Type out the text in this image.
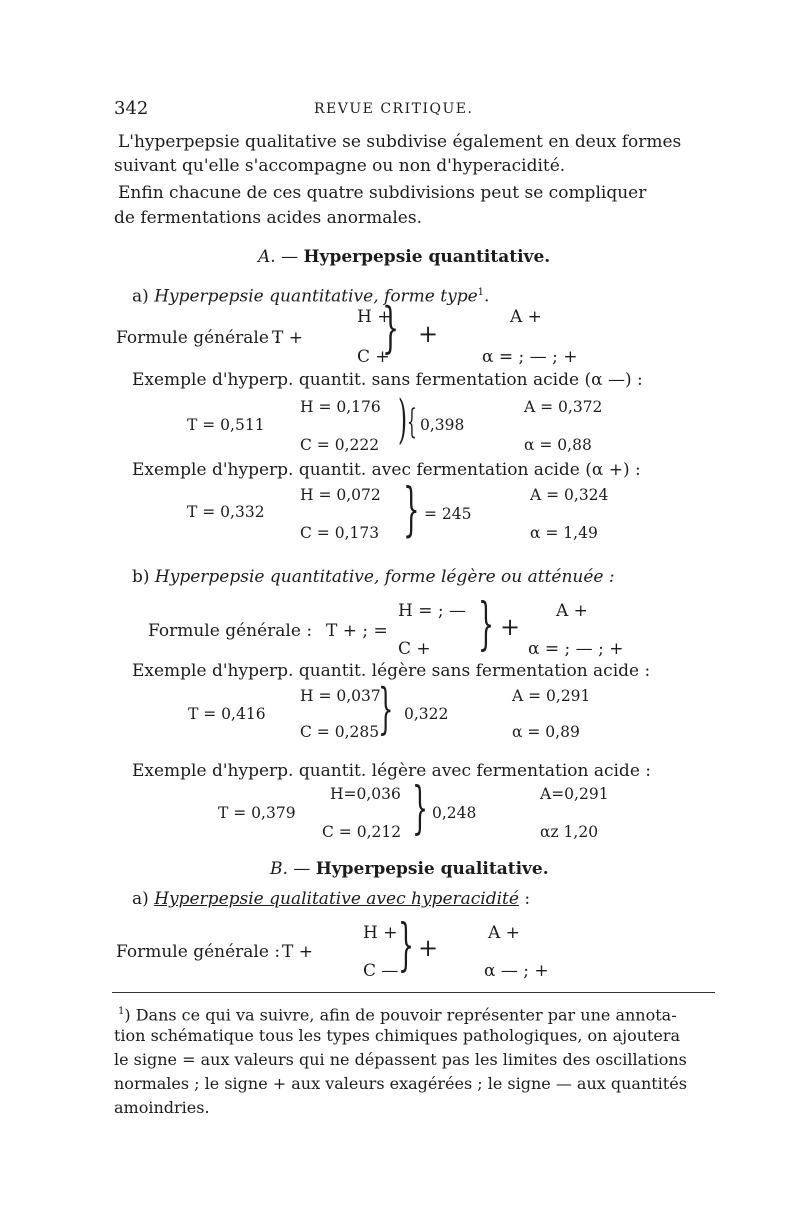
342	REVUE CRITIQUE.
L'hyperpepsie qualitative se subdivise également en deux formes
suivant qu'elle s'accompagne ou non d'hyperacidité.
Enfin chacune de ces quatre subdivisions peut se compliquer
de fermentations acides anormales.
A. — Hyperpepsie quantitative.
a) Hyperpepsie quantitative, forme type$^1$.
Formule générale :
T +
H +
C +
} +
A +
α = ; — ; +
Exemple d'hyperp. quantit. sans fermentation acide (α —) :
T = 0,511
H = 0,176
C = 0,222 ) { 0,398
A = 0,372
α = 0,88
Exemple d'hyperp. quantit. avec fermentation acide (α +) :
T = 0,332
H = 0,072
C = 0,173 } = 245
A = 0,324
α = 1,49
b) Hyperpepsie quantitative, forme légère ou atténuée :
Formule générale : T + ; =
H = ; —
C + } +
A +
α = ; — ; +
Exemple d'hyperp. quantit. légère sans fermentation acide :
T = 0,416
H = 0,037
C = 0,285
} 0,322
A = 0,291
α = 0,89
Exemple d'hyperp. quantit. légère avec fermentation acide :
T = 0,379
H=0,036
C = 0,212 } 0,248
A=0,291
αz 1,20
B. — Hyperpepsie qualitative.
a) Hyperpepsie qualitative avec hyperacidité :
Formule générale : T +
H +
C — } +
A +
α — ; +
$^1$) Dans ce qui va suivre, afin de pouvoir représenter par une annota-
tion schématique tous les types chimiques pathologiques, on ajoutera
le signe = aux valeurs qui ne dépassent pas les limites des oscillations
normales ; le signe + aux valeurs exagérées ; le signe — aux quantités
amoindries.
